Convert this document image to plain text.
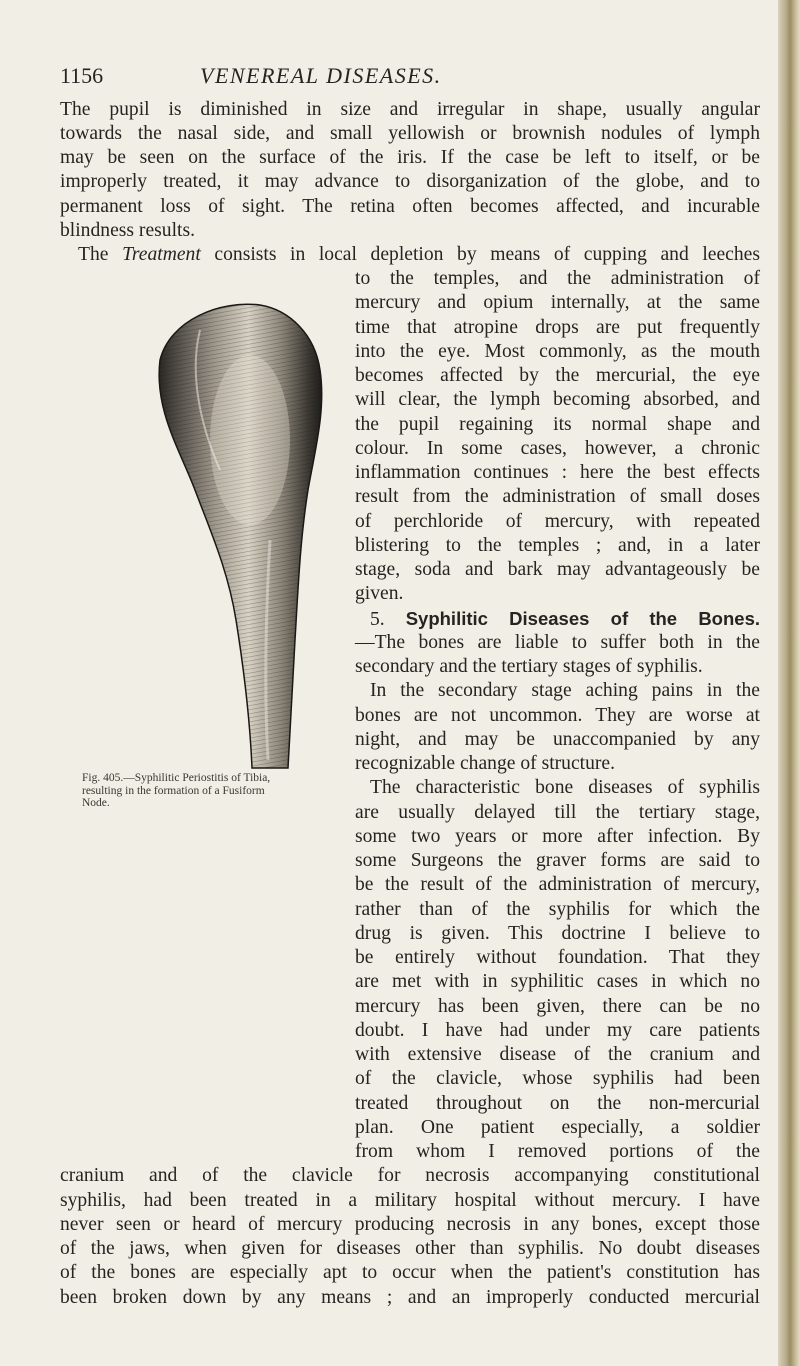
1156	VENEREAL DISEASES.

The pupil is diminished in size and irregular in shape, usually angular

towards the nasal side, and small yellowish or brownish nodules of lymph

may be seen on the surface of the iris. If the case be left to itself, or be

improperly treated, it may advance to disorganization of the globe, and to

permanent loss of sight. The retina often becomes affected, and incurable

blindness results.

The Treatment consists in local depletion by means of cupping and leeches

to the temples, and the administration of

mercury and opium internally, at the same

time that atropine drops are put frequently

into the eye. Most commonly, as the mouth

becomes affected by the mercurial, the eye

will clear, the lymph becoming absorbed, and

the pupil regaining its normal shape and

colour. In some cases, however, a chronic

inflammation continues : here the best effects

result from the administration of small doses

of perchloride of mercury, with repeated

blistering to the temples ; and, in a later

stage, soda and bark may advantageously be

given.

5. Syphilitic Diseases of the Bones.

—The bones are liable to suffer both in the

secondary and the tertiary stages of syphilis.

In the secondary stage aching pains in the

bones are not uncommon. They are worse at

night, and may be unaccompanied by any

recognizable change of structure.

The characteristic bone diseases of syphilis

are usually delayed till the tertiary stage,

some two years or more after infection. By

some Surgeons the graver forms are said to

be the result of the administration of mercury,

rather than of the syphilis for which the

drug is given. This doctrine I believe to

be entirely without foundation. That they

are met with in syphilitic cases in which no

mercury has been given, there can be no

doubt. I have had under my care patients

with extensive disease of the cranium and

of the clavicle, whose syphilis had been

treated throughout on the non-mercurial

plan. One patient especially, a soldier

from whom I removed portions of the

cranium and of the clavicle for necrosis accompanying constitutional

syphilis, had been treated in a military hospital without mercury. I have

never seen or heard of mercury producing necrosis in any bones, except those

of the jaws, when given for diseases other than syphilis. No doubt diseases

of the bones are especially apt to occur when the patient's constitution has

been broken down by any means ; and an improperly conducted mercurial

Fig. 405.—Syphilitic Periostitis of Tibia,
resulting in the formation of a Fusiform
Node.
